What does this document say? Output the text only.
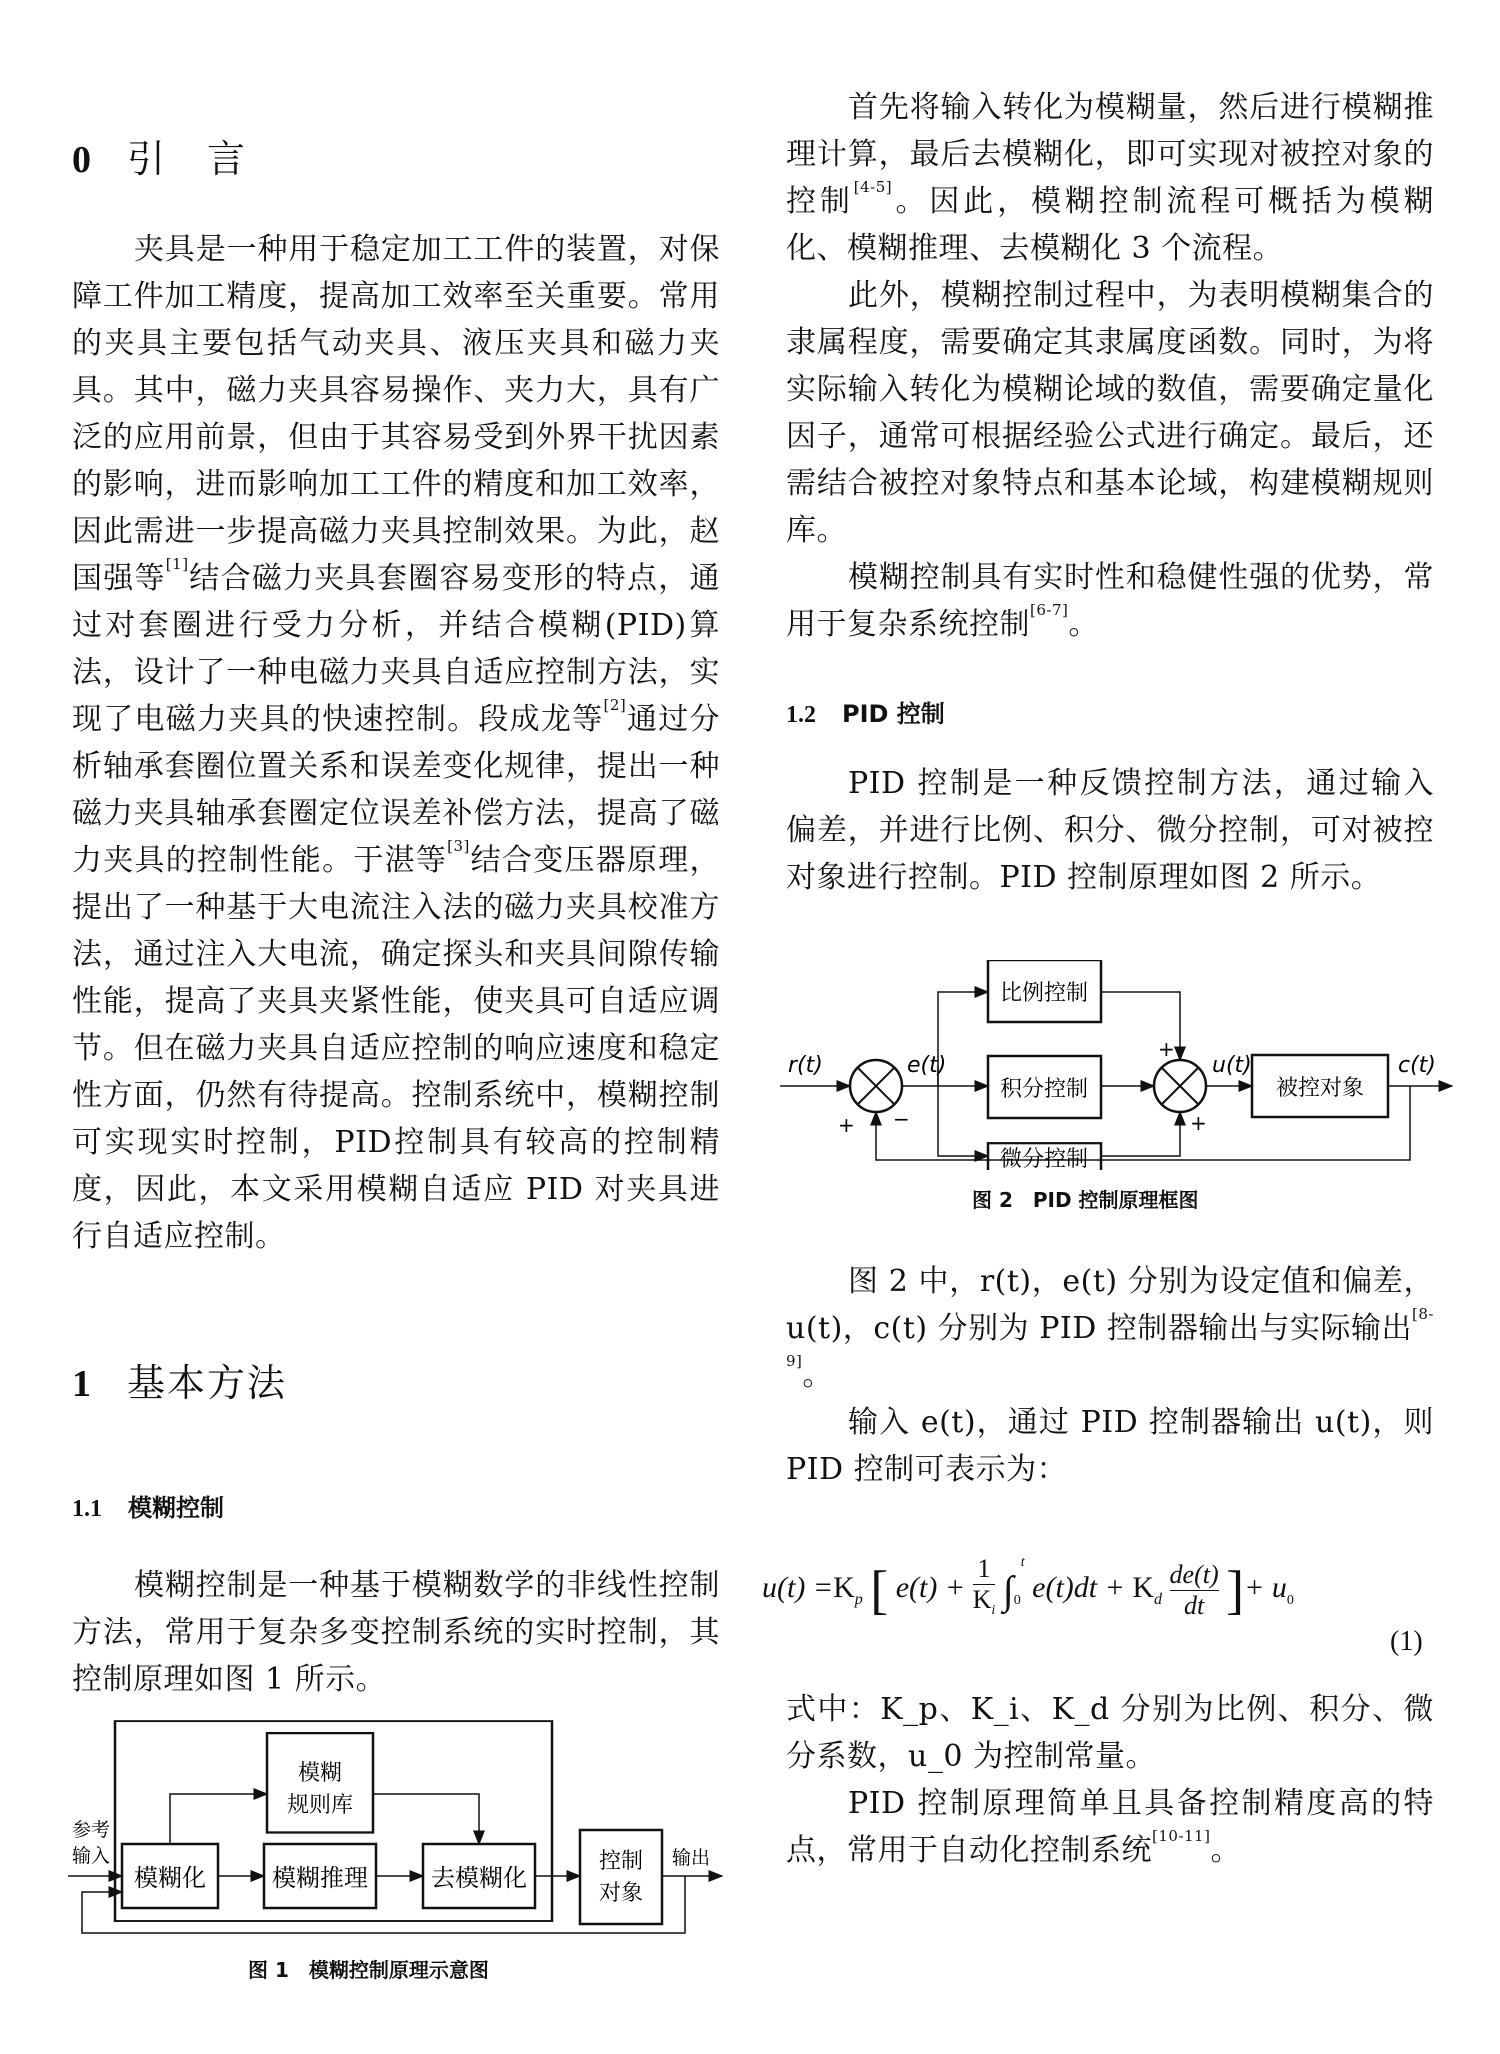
0 引　言

夹具是一种用于稳定加工工件的装置，对保障工件加工精度，提高加工效率至关重要。常用的夹具主要包括气动夹具、液压夹具和磁力夹具。其中，磁力夹具容易操作、夹力大，具有广泛的应用前景，但由于其容易受到外界干扰因素的影响，进而影响加工工件的精度和加工效率，因此需进一步提高磁力夹具控制效果。为此，赵国强等[1]结合磁力夹具套圈容易变形的特点，通过对套圈进行受力分析，并结合模糊(PID)算法，设计了一种电磁力夹具自适应控制方法，实现了电磁力夹具的快速控制。段成龙等[2]通过分析轴承套圈位置关系和误差变化规律，提出一种磁力夹具轴承套圈定位误差补偿方法，提高了磁力夹具的控制性能。于湛等[3]结合变压器原理，提出了一种基于大电流注入法的磁力夹具校准方法，通过注入大电流，确定探头和夹具间隙传输性能，提高了夹具夹紧性能，使夹具可自适应调节。但在磁力夹具自适应控制的响应速度和稳定性方面，仍然有待提高。控制系统中，模糊控制可实现实时控制，PID控制具有较高的控制精度，因此，本文采用模糊自适应 PID 对夹具进行自适应控制。

1 基本方法
1.1 模糊控制

模糊控制是一种基于模糊数学的非线性控制方法，常用于复杂多变控制系统的实时控制，其控制原理如图 1 所示。

模糊化	模糊推理
模糊
规则库
去模糊化
控制
对象
参考
输入	输出
图 1　模糊控制原理示意图

首先将输入转化为模糊量，然后进行模糊推理计算，最后去模糊化，即可实现对被控对象的控制[4-5]。因此，模糊控制流程可概括为模糊化、模糊推理、去模糊化 3 个流程。

此外，模糊控制过程中，为表明模糊集合的隶属程度，需要确定其隶属度函数。同时，为将实际输入转化为模糊论域的数值，需要确定量化因子，通常可根据经验公式进行确定。最后，还需结合被控对象特点和基本论域，构建模糊规则库。

模糊控制具有实时性和稳健性强的优势，常用于复杂系统控制[6-7]。

1.2 PID 控制

PID 控制是一种反馈控制方法，通过输入偏差，并进行比例、积分、微分控制，可对被控对象进行控制。PID 控制原理如图 2 所示。

图 2 中，r(t)，e(t) 分别为设定值和偏差，u(t)，c(t) 分别为 PID 控制器输出与实际输出[8-9]。

输入 e(t)，通过 PID 控制器输出 u(t)，则 PID 控制可表示为：

比例控制
积分控制
微分控制
被控对象
r(t)	e(t)	u(t)	c(t)
+ −
+
+
图 2　PID 控制原理框图
$u(t) =K_p$ [ $e(t) + \frac{1}{K_i} \int_0^t$ $e(t)dt + K_d \frac{de(t)}{dt}$ ]+ $u_0$
(1)

式中：K_p、K_i、K_d 分别为比例、积分、微分系数，u_0 为控制常量。

PID 控制原理简单且具备控制精度高的特点，常用于自动化控制系统[10-11]。
